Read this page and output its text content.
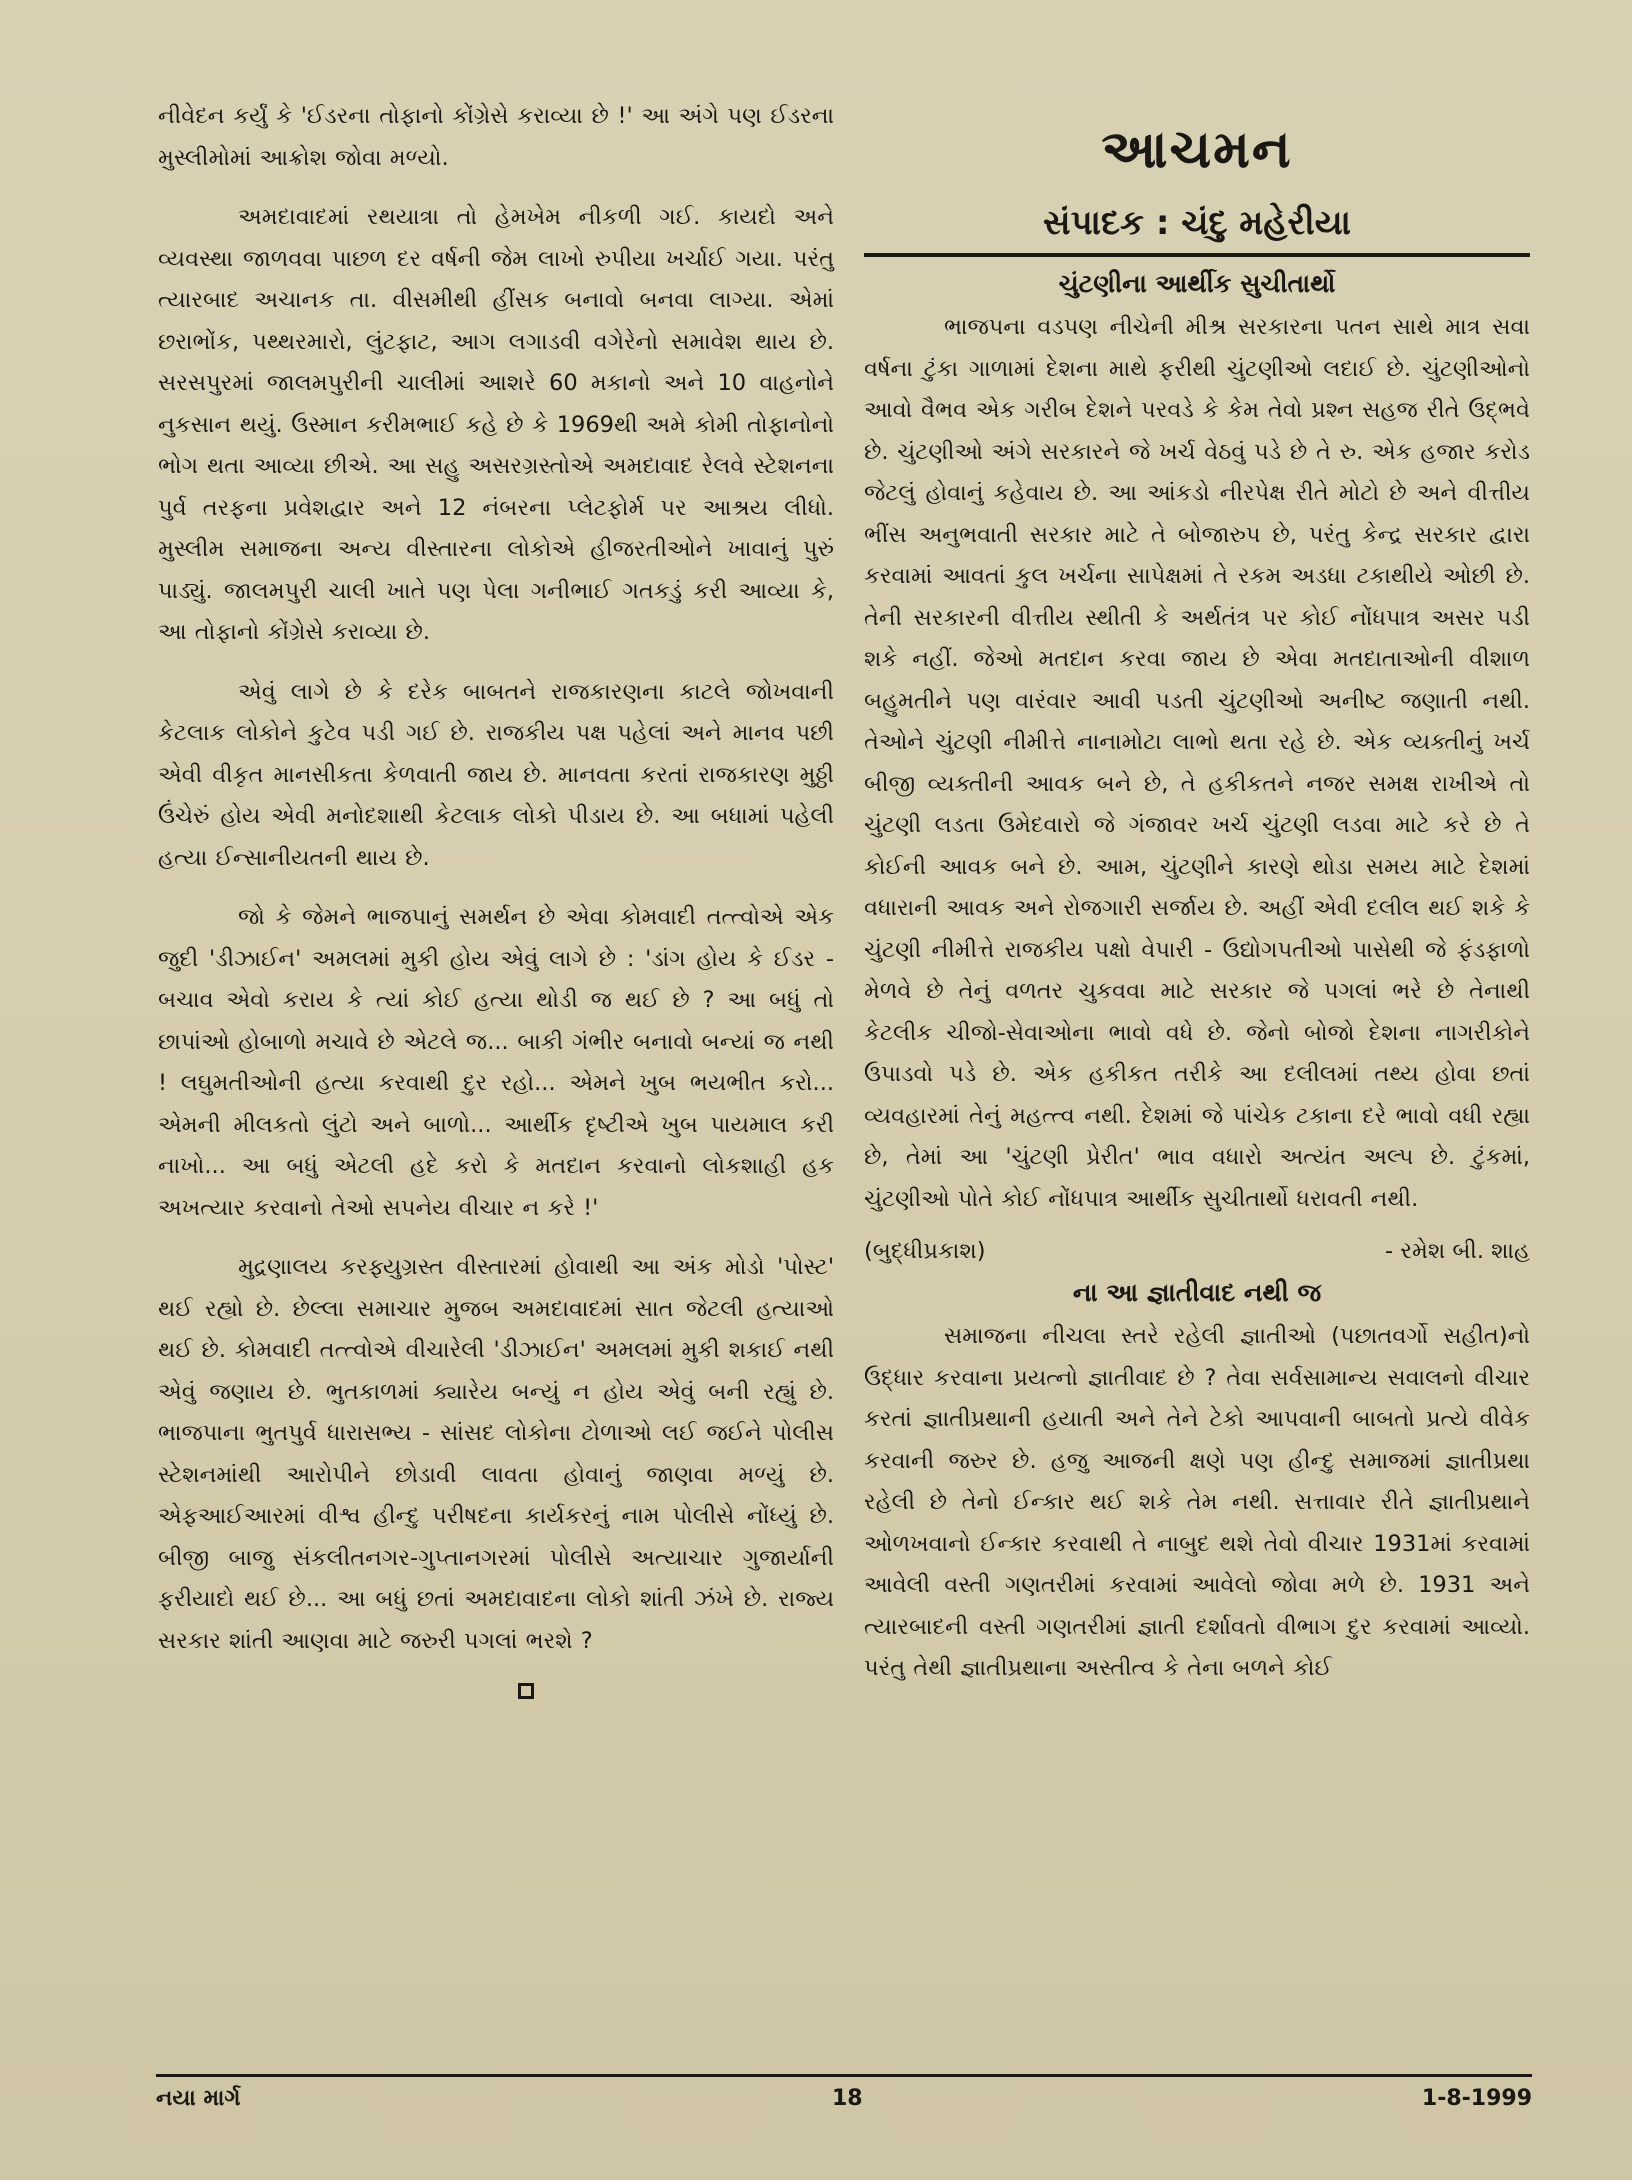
નીવેદન કર્યું કે 'ઈડરના તોફાનો કોંગ્રેસે કરાવ્યા છે !' આ અંગે પણ ઈડરના મુસ્લીમોમાં આક્રોશ જોવા મળ્યો.

અમદાવાદમાં રથયાત્રા તો હેમખેમ નીકળી ગઈ. કાયદો અને વ્યવસ્થા જાળવવા પાછળ દર વર્ષની જેમ લાખો રુપીયા ખર્ચાઈ ગયા. પરંતુ ત્યારબાદ અચાનક તા. વીસમીથી હીંસક બનાવો બનવા લાગ્યા. એમાં છરાભોંક, પથ્થરમારો, લુંટફાટ, આગ લગાડવી વગેરેનો સમાવેશ થાય છે. સરસપુરમાં જાલમપુરીની ચાલીમાં આશરે 60 મકાનો અને 10 વાહનોને નુકસાન થયું. ઉસ્માન કરીમભાઈ કહે છે કે 1969થી અમે કોમી તોફાનોનો ભોગ થતા આવ્યા છીએ. આ સહુ અસરગ્રસ્તોએ અમદાવાદ રેલવે સ્ટેશનના પુર્વ તરફના પ્રવેશદ્વાર અને 12 નંબરના પ્લેટફોર્મ પર આશ્રય લીધો. મુસ્લીમ સમાજના અન્ય વીસ્તારના લોકોએ હીજરતીઓને ખાવાનું પુરું પાડ્યું. જાલમપુરી ચાલી ખાતે પણ પેલા ગનીભાઈ ગતકડું કરી આવ્યા કે, આ તોફાનો કોંગ્રેસે કરાવ્યા છે.

એવું લાગે છે કે દરેક બાબતને રાજકારણના કાટલે જોખવાની કેટલાક લોકોને કુટેવ પડી ગઈ છે. રાજકીય પક્ષ પહેલાં અને માનવ પછી એવી વીકૃત માનસીકતા કેળવાતી જાય છે. માનવતા કરતાં રાજકારણ મુઠ્ઠી ઉંચેરું હોય એવી મનોદશાથી કેટલાક લોકો પીડાય છે. આ બધામાં પહેલી હત્યા ઈન્સાનીયતની થાય છે.

જો કે જેમને ભાજપાનું સમર્થન છે એવા કોમવાદી તત્ત્વોએ એક જુદી 'ડીઝાઈન' અમલમાં મુકી હોય એવું લાગે છે : 'ડાંગ હોય કે ઈડર - બચાવ એવો કરાય કે ત્યાં કોઈ હત્યા થોડી જ થઈ છે ? આ બધું તો છાપાંઓ હોબાળો મચાવે છે એટલે જ... બાકી ગંભીર બનાવો બન્યાં જ નથી ! લઘુમતીઓની હત્યા કરવાથી દુર રહો... એમને ખુબ ભયભીત કરો... એમની મીલકતો લુંટો અને બાળો... આર્થીક દૃષ્ટીએ ખુબ પાયમાલ કરી નાખો... આ બધું એટલી હદે કરો કે મતદાન કરવાનો લોકશાહી હક અખત્યાર કરવાનો તેઓ સપનેય વીચાર ન કરે !'

મુદ્રણાલય કરફ્યુગ્રસ્ત વીસ્તારમાં હોવાથી આ અંક મોડો 'પોસ્ટ' થઈ રહ્યો છે. છેલ્લા સમાચાર મુજબ અમદાવાદમાં સાત જેટલી હત્યાઓ થઈ છે. કોમવાદી તત્ત્વોએ વીચારેલી 'ડીઝાઈન' અમલમાં મુકી શકાઈ નથી એવું જણાય છે. ભુતકાળમાં ક્યારેય બન્યું ન હોય એવું બની રહ્યું છે. ભાજપાના ભુતપુર્વ ધારાસભ્ય - સાંસદ લોકોના ટોળાઓ લઈ જઈને પોલીસ સ્ટેશનમાંથી આરોપીને છોડાવી લાવતા હોવાનું જાણવા મળ્યું છે. એફઆઈઆરમાં વીશ્વ હીન્દુ પરીષદના કાર્યકરનું નામ પોલીસે નોંધ્યું છે. બીજી બાજુ સંકલીતનગર-ગુપ્તાનગરમાં પોલીસે અત્યાચાર ગુજાર્યાની ફરીયાદો થઈ છે... આ બધું છતાં અમદાવાદના લોકો શાંતી ઝંખે છે. રાજ્ય સરકાર શાંતી આણવા માટે જરુરી પગલાં ભરશે ?

આચમન
સંપાદક : ચંદુ મહેરીયા
ચુંટણીના આર્થીક સુચીતાર્થો

ભાજપના વડપણ નીચેની મીશ્ર સરકારના પતન સાથે માત્ર સવા વર્ષના ટુંકા ગાળામાં દેશના માથે ફરીથી ચુંટણીઓ લદાઈ છે. ચુંટણીઓનો આવો વૈભવ એક ગરીબ દેશને પરવડે કે કેમ તેવો પ્રશ્ન સહજ રીતે ઉદ્ભવે છે. ચુંટણીઓ અંગે સરકારને જે ખર્ચ વેઠવું પડે છે તે રુ. એક હજાર કરોડ જેટલું હોવાનું કહેવાય છે. આ આંકડો નીરપેક્ષ રીતે મોટો છે અને વીત્તીય ભીંસ અનુભવાતી સરકાર માટે તે બોજારુપ છે, પરંતુ કેન્દ્ર સરકાર દ્વારા કરવામાં આવતાં કુલ ખર્ચના સાપેક્ષમાં તે રકમ અડધા ટકાથીયે ઓછી છે. તેની સરકારની વીત્તીય સ્થીતી કે અર્થતંત્ર પર કોઈ નોંધપાત્ર અસર પડી શકે નહીં. જેઓ મતદાન કરવા જાય છે એવા મતદાતાઓની વીશાળ બહુમતીને પણ વારંવાર આવી પડતી ચુંટણીઓ અનીષ્ટ જણાતી નથી. તેઓને ચુંટણી નીમીત્તે નાનામોટા લાભો થતા રહે છે. એક વ્યક્તીનું ખર્ચ બીજી વ્યક્તીની આવક બને છે, તે હકીકતને નજર સમક્ષ રાખીએ તો ચુંટણી લડતા ઉમેદવારો જે ગંજાવર ખર્ચ ચુંટણી લડવા માટે કરે છે તે કોઈની આવક બને છે. આમ, ચુંટણીને કારણે થોડા સમય માટે દેશમાં વધારાની આવક અને રોજગારી સર્જાય છે. અહીં એવી દલીલ થઈ શકે કે ચુંટણી નીમીત્તે રાજકીય પક્ષો વેપારી - ઉદ્યોગપતીઓ પાસેથી જે ફંડફાળો મેળવે છે તેનું વળતર ચુકવવા માટે સરકાર જે પગલાં ભરે છે તેનાથી કેટલીક ચીજો-સેવાઓના ભાવો વધે છે. જેનો બોજો દેશના નાગરીકોને ઉપાડવો પડે છે. એક હકીકત તરીકે આ દલીલમાં તથ્ય હોવા છતાં વ્યવહારમાં તેનું મહત્ત્વ નથી. દેશમાં જે પાંચેક ટકાના દરે ભાવો વધી રહ્યા છે, તેમાં આ 'ચુંટણી પ્રેરીત' ભાવ વધારો અત્યંત અલ્પ છે. ટુંકમાં, ચુંટણીઓ પોતે કોઈ નોંધપાત્ર આર્થીક સુચીતાર્થો ધરાવતી નથી.

(બુદ્ધીપ્રકાશ)	- રમેશ બી. શાહ
ના આ જ્ઞાતીવાદ નથી જ

સમાજના નીચલા સ્તરે રહેલી જ્ઞાતીઓ (પછાતવર્ગો સહીત)નો ઉદ્ધાર કરવાના પ્રયત્નો જ્ઞાતીવાદ છે ? તેવા સર્વસામાન્ય સવાલનો વીચાર કરતાં જ્ઞાતીપ્રથાની હયાતી અને તેને ટેકો આપવાની બાબતો પ્રત્યે વીવેક કરવાની જરુર છે. હજુ આજની ક્ષણે પણ હીન્દુ સમાજમાં જ્ઞાતીપ્રથા રહેલી છે તેનો ઈન્કાર થઈ શકે તેમ નથી. સત્તાવાર રીતે જ્ઞાતીપ્રથાને ઓળખવાનો ઈન્કાર કરવાથી તે નાબુદ થશે તેવો વીચાર 1931માં કરવામાં આવેલી વસ્તી ગણતરીમાં કરવામાં આવેલો જોવા મળે છે. 1931 અને ત્યારબાદની વસ્તી ગણતરીમાં જ્ઞાતી દર્શાવતો વીભાગ દુર કરવામાં આવ્યો. પરંતુ તેથી જ્ઞાતીપ્રથાના અસ્તીત્વ કે તેના બળને કોઈ

નયા માર્ગ	18	1-8-1999
